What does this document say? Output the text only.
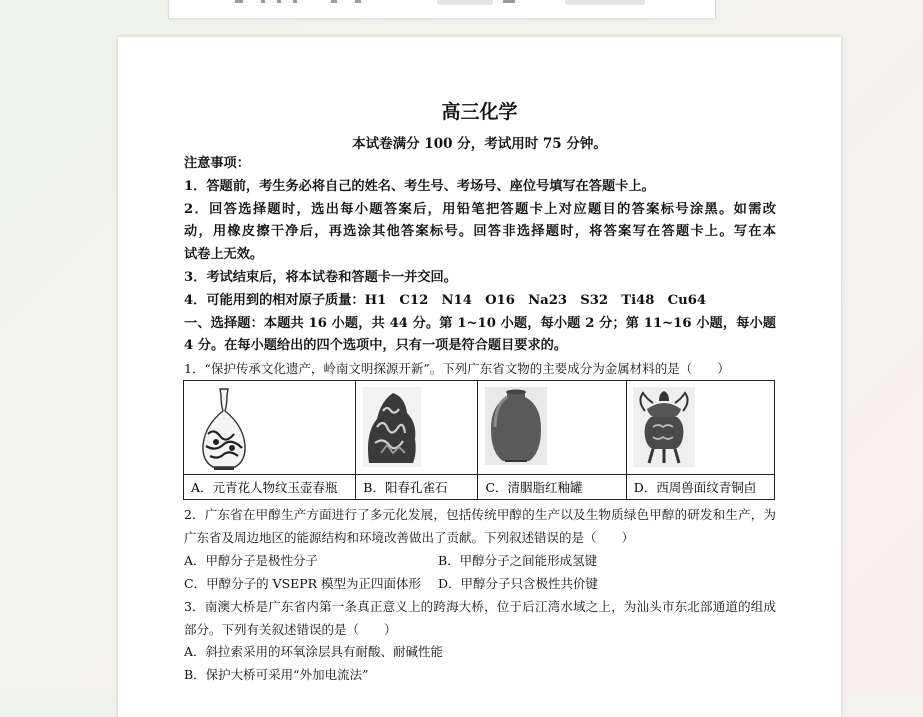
高三化学
本试卷满分 100 分，考试用时 75 分钟。
注意事项：
1．答题前，考生务必将自己的姓名、考生号、考场号、座位号填写在答题卡上。
2．回答选择题时，选出每小题答案后，用铅笔把答题卡上对应题目的答案标号涂黑。如需改
动，用橡皮擦干净后，再选涂其他答案标号。回答非选择题时，将答案写在答题卡上。写在本
试卷上无效。
3．考试结束后，将本试卷和答题卡一并交回。
4．可能用到的相对原子质量：H1　C12　N14　O16　Na23　S32　Ti48　Cu64
一、选择题：本题共 16 小题，共 44 分。第 1~10 小题，每小题 2 分；第 11~16 小题，每小题
4 分。在每小题给出的四个选项中，只有一项是符合题目要求的。
1．“保护传承文化遗产，岭南文明探源开新”。下列广东省文物的主要成分为金属材料的是（　　）

A．元青花人物纹玉壶春瓶	B．阳春孔雀石	C．清胭脂红釉罐	D．西周兽面纹青铜卣
2．广东省在甲醇生产方面进行了多元化发展，包括传统甲醇的生产以及生物质绿色甲醇的研发和生产，为
广东省及周边地区的能源结构和环境改善做出了贡献。下列叙述错误的是（　　）
A．甲醇分子是极性分子	B．甲醇分子之间能形成氢键
C．甲醇分子的 VSEPR 模型为正四面体形	D．甲醇分子只含极性共价键
3．南澳大桥是广东省内第一条真正意义上的跨海大桥，位于后江湾水域之上，为汕头市东北部通道的组成
部分。下列有关叙述错误的是（　　）
A．斜拉索采用的环氧涂层具有耐酸、耐碱性能
B．保护大桥可采用“外加电流法”
